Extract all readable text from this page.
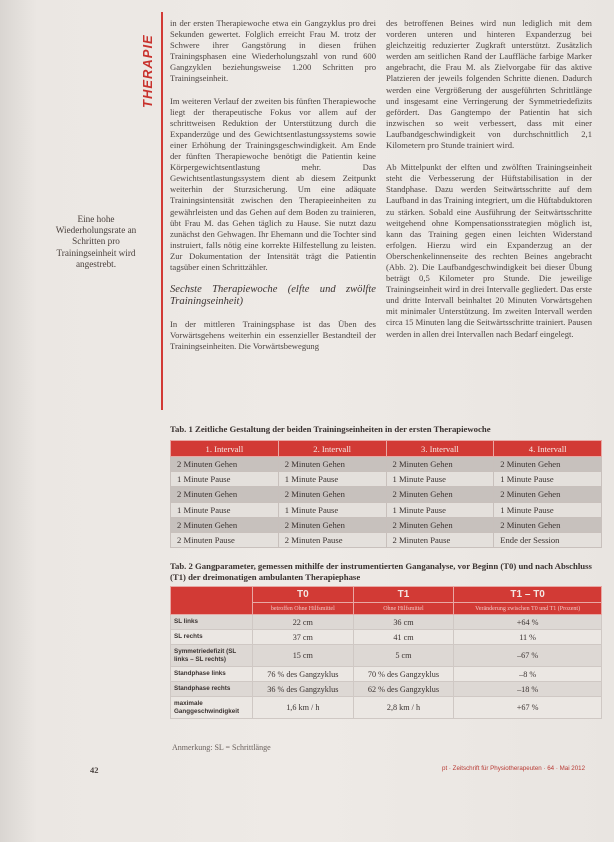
THERAPIE
Eine hohe Wiederholungsrate an Schritten pro Trainingseinheit wird angestrebt.

in der ersten Therapiewoche etwa ein Gangzyklus pro drei Sekunden gewertet. Folglich erreicht Frau M. trotz der Schwere ihrer Gangstörung in diesen frühen Trainingsphasen eine Wiederholungszahl von rund 600 Gangzyklen beziehungsweise 1.200 Schritten pro Trainingseinheit.

Im weiteren Verlauf der zweiten bis fünften Therapiewoche liegt der therapeutische Fokus vor allem auf der schrittweisen Reduktion der Unterstützung durch die Expanderzüge und des Gewichtsentlastungssystems sowie einer Erhöhung der Trainingsgeschwindigkeit. Am Ende der fünften Therapiewoche benötigt die Patientin keine Körpergewichtsentlastung mehr. Das Gewichtsentlastungssystem dient ab diesem Zeitpunkt weiterhin der Sturzsicherung. Um eine adäquate Trainingsintensität zwischen den Therapieeinheiten zu gewährleisten und das Gehen auf dem Boden zu trainieren, übt Frau M. das Gehen täglich zu Hause. Sie nutzt dazu zunächst den Gehwagen. Ihr Ehemann und die Tochter sind instruiert, falls nötig eine korrekte Hilfestellung zu leisten. Zur Dokumentation der Intensität trägt die Patientin tagsüber einen Schrittzähler.

Sechste Therapiewoche (elfte und zwölfte Trainingseinheit)

In der mittleren Trainingsphase ist das Üben des Vorwärtsgehens weiterhin ein essenzieller Bestandteil der Trainingseinheiten. Die Vorwärtsbewegung

des betroffenen Beines wird nun lediglich mit dem vorderen unteren und hinteren Expanderzug bei gleichzeitig reduzierter Zugkraft unterstützt. Zusätzlich werden am seitlichen Rand der Lauffläche farbige Marker angebracht, die Frau M. als Zielvorgabe für das aktive Platzieren der jeweils folgenden Schritte dienen. Dadurch werden eine Vergrößerung der ausgeführten Schrittlänge und insgesamt eine Verringerung der Symmetriedefizits gefördert. Das Gangtempo der Patientin hat sich inzwischen so weit verbessert, dass mit einer Laufbandgeschwindigkeit von durchschnittlich 2,1 Kilometern pro Stunde trainiert wird.

Ab Mittelpunkt der elften und zwölften Trainingseinheit steht die Verbesserung der Hüftstabilisation in der Standphase. Dazu werden Seitwärtsschritte auf dem Laufband in das Training integriert, um die Hüftabduktoren zu stärken. Sobald eine Ausführung der Seitwärtsschritte weitgehend ohne Kompensationsstrategien möglich ist, kann das Training gegen einen leichten Widerstand erfolgen. Hierzu wird ein Expanderzug an der Oberschenkelinnenseite des rechten Beines angebracht (Abb. 2). Die Laufbandgeschwindigkeit bei dieser Übung beträgt 0,5 Kilometer pro Stunde. Die jeweilige Trainingseinheit wird in drei Intervalle gegliedert. Das erste und dritte Intervall beinhaltet 20 Minuten Vorwärtsgehen mit minimaler Unterstützung. Im zweiten Intervall werden circa 15 Minuten lang die Seitwärtsschritte trainiert. Pausen werden in allen drei Intervallen nach Bedarf eingelegt.

Tab. 1 Zeitliche Gestaltung der beiden Trainingseinheiten in der ersten Therapiewoche
1. Intervall	2. Intervall	3. Intervall	4. Intervall
2 Minuten Gehen	2 Minuten Gehen	2 Minuten Gehen	2 Minuten Gehen
1 Minute Pause	1 Minute Pause	1 Minute Pause	1 Minute Pause
2 Minuten Gehen	2 Minuten Gehen	2 Minuten Gehen	2 Minuten Gehen
1 Minute Pause	1 Minute Pause	1 Minute Pause	1 Minute Pause
2 Minuten Gehen	2 Minuten Gehen	2 Minuten Gehen	2 Minuten Gehen
2 Minuten Pause	2 Minuten Pause	2 Minuten Pause	Ende der Session
Tab. 2 Gangparameter, gemessen mithilfe der instrumentierten Ganganalyse, vor Beginn (T0) und nach Abschluss (T1) der dreimonatigen ambulanten Therapiephase
	T0	T1	T1 – T0
	betroffen Ohne Hilfsmittel	Ohne Hilfsmittel	Veränderung zwischen T0 und T1 (Prozent)
SL links	22 cm	36 cm	+64 %
SL rechts	37 cm	41 cm	11 %
Symmetriedefizit (SL links – SL rechts)	15 cm	5 cm	–67 %
Standphase links	76 % des Gangzyklus	70 % des Gangzyklus	–8 %
Standphase rechts	36 % des Gangzyklus	62 % des Gangzyklus	–18 %
maximale Ganggeschwindigkeit	1,6 km / h	2,8 km / h	+67 %
Anmerkung: SL = Schrittlänge
42	pt · Zeitschrift für Physiotherapeuten · 64 · Mai 2012
